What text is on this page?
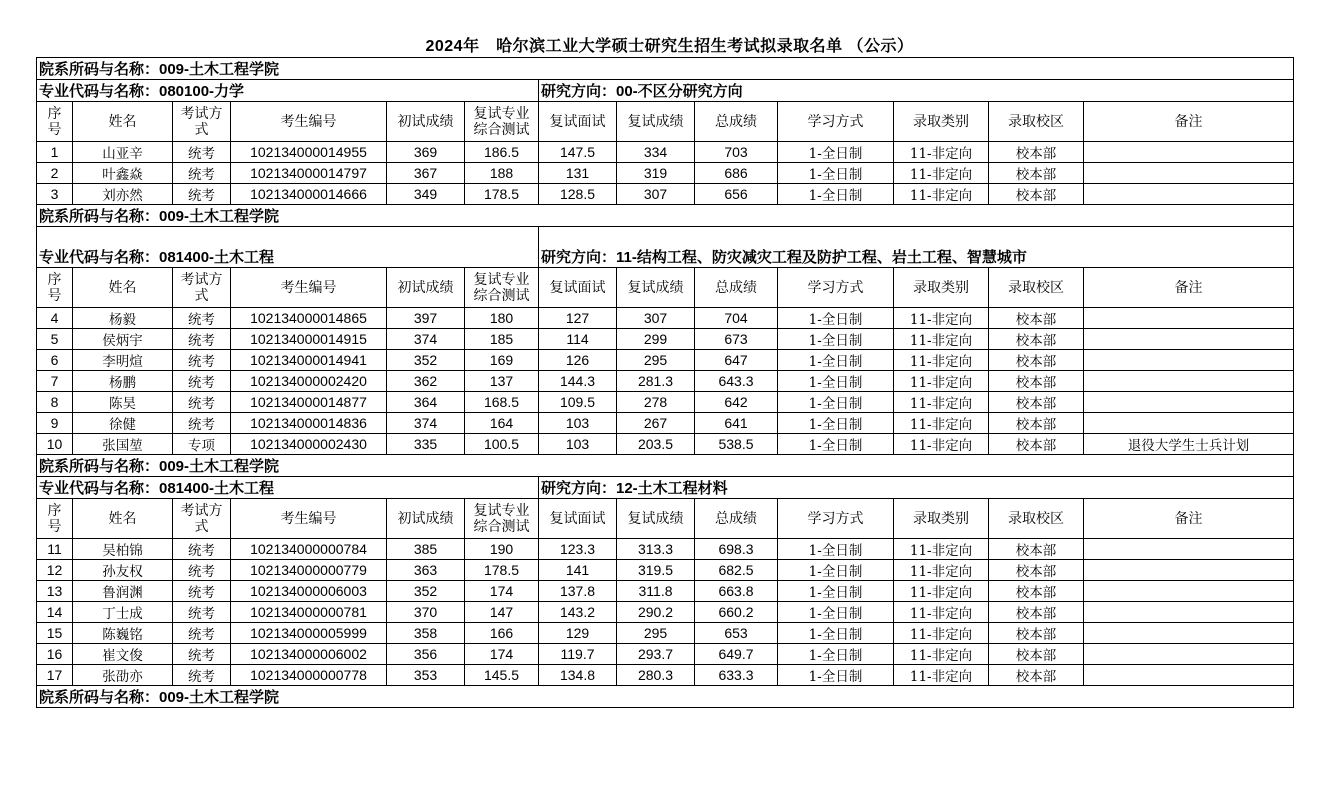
2024年　哈尔滨工业大学硕士研究生招生考试拟录取名单 （公示）
院系所码与名称：009-土木工程学院												
专业代码与名称：080100-力学						研究方向：00-不区分研究方向						
序
号	姓名	考试方
式	考生编号	初试成绩	复试专业
综合测试	复试面试	复试成绩	总成绩	学习方式	录取类别	录取校区	备注
1	山亚辛	统考	102134000014955	369	186.5	147.5	334	703	1-全日制	11-非定向	校本部	
2	叶鑫焱	统考	102134000014797	367	188	131	319	686	1-全日制	11-非定向	校本部	
3	刘亦然	统考	102134000014666	349	178.5	128.5	307	656	1-全日制	11-非定向	校本部	
院系所码与名称：009-土木工程学院												
专业代码与名称：081400-土木工程						研究方向：11-结构工程、防灾减灾工程及防护工程、岩土工程、智慧城市						
序
号	姓名	考试方
式	考生编号	初试成绩	复试专业
综合测试	复试面试	复试成绩	总成绩	学习方式	录取类别	录取校区	备注
4	杨毅	统考	102134000014865	397	180	127	307	704	1-全日制	11-非定向	校本部	
5	侯炳宇	统考	102134000014915	374	185	114	299	673	1-全日制	11-非定向	校本部	
6	李明煊	统考	102134000014941	352	169	126	295	647	1-全日制	11-非定向	校本部	
7	杨鹏	统考	102134000002420	362	137	144.3	281.3	643.3	1-全日制	11-非定向	校本部	
8	陈昊	统考	102134000014877	364	168.5	109.5	278	642	1-全日制	11-非定向	校本部	
9	徐健	统考	102134000014836	374	164	103	267	641	1-全日制	11-非定向	校本部	
10	张国堃	专项	102134000002430	335	100.5	103	203.5	538.5	1-全日制	11-非定向	校本部	退役大学生士兵计划
院系所码与名称：009-土木工程学院												
专业代码与名称：081400-土木工程						研究方向：12-土木工程材料						
序
号	姓名	考试方
式	考生编号	初试成绩	复试专业
综合测试	复试面试	复试成绩	总成绩	学习方式	录取类别	录取校区	备注
11	吴柏锦	统考	102134000000784	385	190	123.3	313.3	698.3	1-全日制	11-非定向	校本部	
12	孙友权	统考	102134000000779	363	178.5	141	319.5	682.5	1-全日制	11-非定向	校本部	
13	鲁润渊	统考	102134000006003	352	174	137.8	311.8	663.8	1-全日制	11-非定向	校本部	
14	丁士成	统考	102134000000781	370	147	143.2	290.2	660.2	1-全日制	11-非定向	校本部	
15	陈巍铭	统考	102134000005999	358	166	129	295	653	1-全日制	11-非定向	校本部	
16	崔文俊	统考	102134000006002	356	174	119.7	293.7	649.7	1-全日制	11-非定向	校本部	
17	张劭亦	统考	102134000000778	353	145.5	134.8	280.3	633.3	1-全日制	11-非定向	校本部	
院系所码与名称：009-土木工程学院												
